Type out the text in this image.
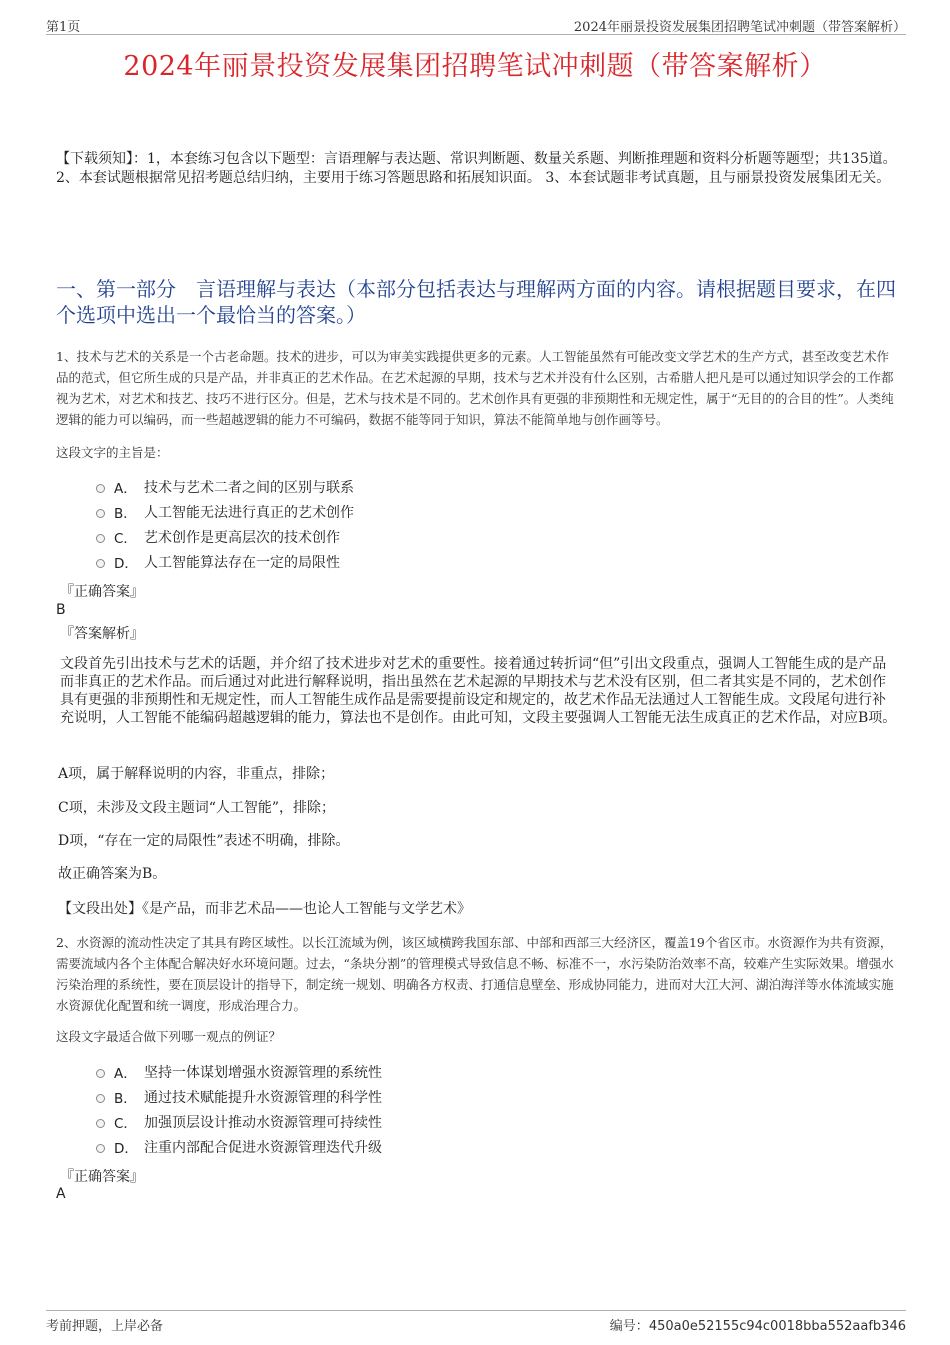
第1页	2024年丽景投资发展集团招聘笔试冲刺题（带答案解析）
2024年丽景投资发展集团招聘笔试冲刺题（带答案解析）
【下载须知】：1，本套练习包含以下题型：言语理解与表达题、常识判断题、数量关系题、判断推理题和资料分析题等题型；共135道。 2、本套试题根据常见招考题总结归纳，主要用于练习答题思路和拓展知识面。 3、本套试题非考试真题，且与丽景投资发展集团无关。
一、第一部分　言语理解与表达（本部分包括表达与理解两方面的内容。请根据题目要求，在四个选项中选出一个最恰当的答案。）
1、技术与艺术的关系是一个古老命题。技术的进步，可以为审美实践提供更多的元素。人工智能虽然有可能改变文学艺术的生产方式，甚至改变艺术作品的范式，但它所生成的只是产品，并非真正的艺术作品。在艺术起源的早期，技术与艺术并没有什么区别，古希腊人把凡是可以通过知识学会的工作都视为艺术，对艺术和技艺、技巧不进行区分。但是，艺术与技术是不同的。艺术创作具有更强的非预期性和无规定性，属于“无目的的合目的性”。人类纯逻辑的能力可以编码，而一些超越逻辑的能力不可编码，数据不能等同于知识，算法不能简单地与创作画等号。
这段文字的主旨是：
A． 技术与艺术二者之间的区别与联系
B． 人工智能无法进行真正的艺术创作
C． 艺术创作是更高层次的技术创作
D． 人工智能算法存在一定的局限性
『正确答案』
B
『答案解析』
文段首先引出技术与艺术的话题，并介绍了技术进步对艺术的重要性。接着通过转折词“但”引出文段重点，强调人工智能生成的是产品而非真正的艺术作品。而后通过对此进行解释说明，指出虽然在艺术起源的早期技术与艺术没有区别，但二者其实是不同的，艺术创作具有更强的非预期性和无规定性，而人工智能生成作品是需要提前设定和规定的，故艺术作品无法通过人工智能生成。文段尾句进行补充说明，人工智能不能编码超越逻辑的能力，算法也不是创作。由此可知，文段主要强调人工智能无法生成真正的艺术作品，对应B项。
A项，属于解释说明的内容，非重点，排除；
C项，未涉及文段主题词“人工智能”，排除；
D项，“存在一定的局限性”表述不明确，排除。
故正确答案为B。
【文段出处】《是产品，而非艺术品——也论人工智能与文学艺术》
2、水资源的流动性决定了其具有跨区域性。以长江流域为例，该区域横跨我国东部、中部和西部三大经济区，覆盖19个省区市。水资源作为共有资源，需要流域内各个主体配合解决好水环境问题。过去，“条块分割”的管理模式导致信息不畅、标准不一，水污染防治效率不高，较难产生实际效果。增强水污染治理的系统性，要在顶层设计的指导下，制定统一规划、明确各方权责、打通信息壁垒、形成协同能力，进而对大江大河、湖泊海洋等水体流域实施水资源优化配置和统一调度，形成治理合力。
这段文字最适合做下列哪一观点的例证？
A． 坚持一体谋划增强水资源管理的系统性
B． 通过技术赋能提升水资源管理的科学性
C． 加强顶层设计推动水资源管理可持续性
D． 注重内部配合促进水资源管理迭代升级
『正确答案』
A
考前押题，上岸必备	编号：450a0e52155c94c0018bba552aafb346
